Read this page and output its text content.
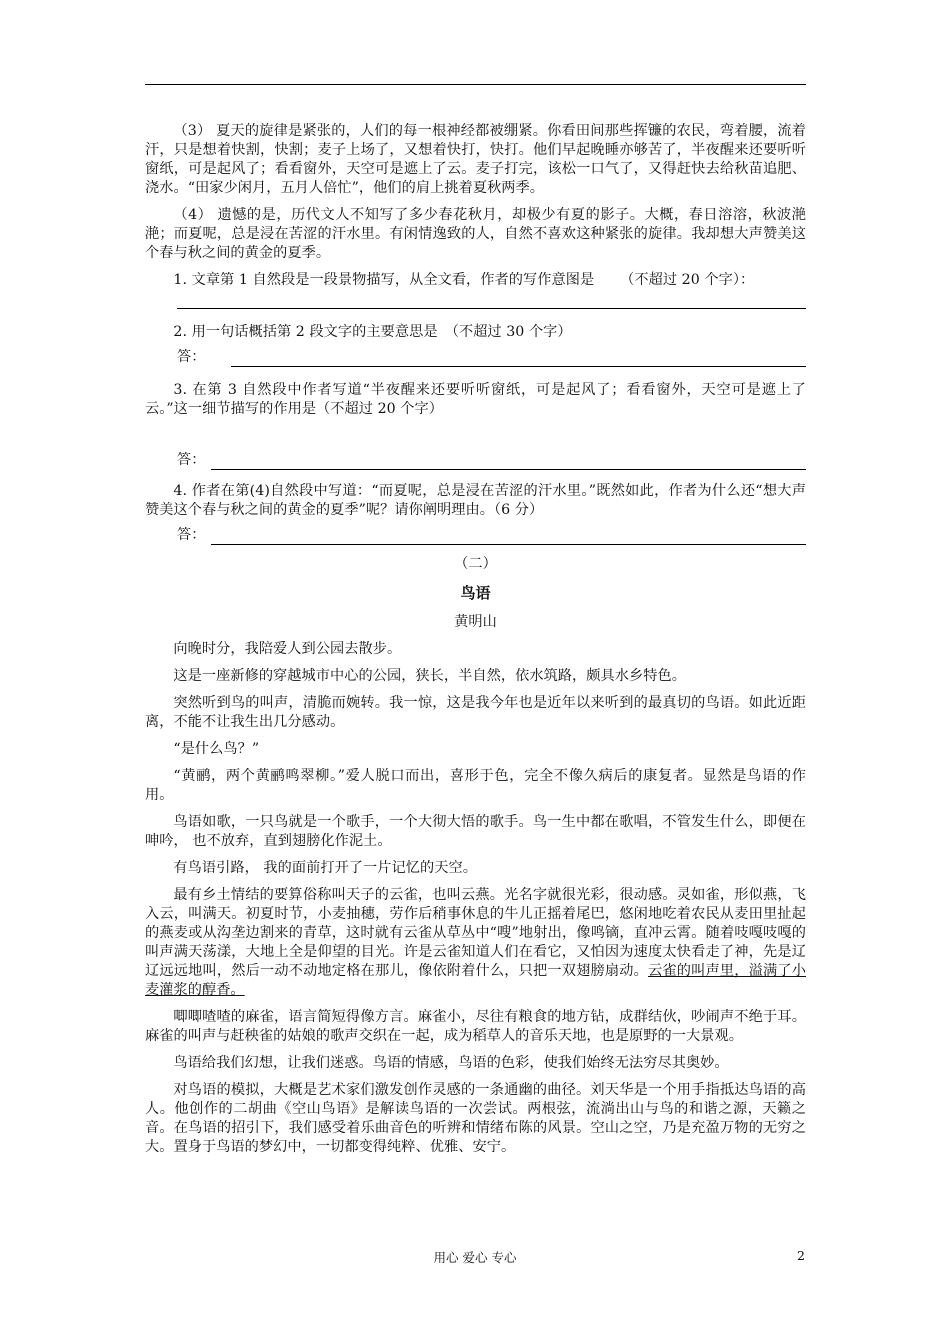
（3） 夏天的旋律是紧张的，人们的每一根神经都被绷紧。你看田间那些挥镰的农民，弯着腰，流着汗，只是想着快割，快割；麦子上场了，又想着快打，快打。他们早起晚睡亦够苦了，半夜醒来还要听听窗纸，可是起风了；看看窗外，天空可是遮上了云。麦子打完，该松一口气了，又得赶快去给秋苗追肥、浇水。“田家少闲月，五月人倍忙”，他们的肩上挑着夏秋两季。

（4） 遗憾的是，历代文人不知写了多少春花秋月，却极少有夏的影子。大概，春日溶溶，秋波滟滟；而夏呢，总是浸在苦涩的汗水里。有闲情逸致的人，自然不喜欢这种紧张的旋律。我却想大声赞美这个春与秋之间的黄金的夏季。

1. 文章第 1 自然段是一段景物描写，从全文看，作者的写作意图是 　　（不超过 20 个字）：

2. 用一句话概括第 2 段文字的主要意思是　（不超过 30 个字）

答：

3. 在第 3 自然段中作者写道“半夜醒来还要听听窗纸，可是起风了；看看窗外，天空可是遮上了云。”这一细节描写的作用是（不超过 20 个字）

答：

4. 作者在第(4)自然段中写道：“而夏呢，总是浸在苦涩的汗水里。”既然如此，作者为什么还“想大声赞美这个春与秋之间的黄金的夏季”呢？请你阐明理由。（6 分）

答：

（二）

鸟语

黄明山

向晚时分，我陪爱人到公园去散步。

这是一座新修的穿越城市中心的公园，狭长，半自然，依水筑路，颇具水乡特色。

突然听到鸟的叫声，清脆而婉转。我一惊，这是我今年也是近年以来听到的最真切的鸟语。如此近距离，不能不让我生出几分感动。

“是什么鸟？”

“黄鹂，两个黄鹂鸣翠柳。”爱人脱口而出，喜形于色，完全不像久病后的康复者。显然是鸟语的作用。

鸟语如歌，一只鸟就是一个歌手，一个大彻大悟的歌手。鸟一生中都在歌唱，不管发生什么，即便在呻吟， 也不放弃，直到翅膀化作泥土。

有鸟语引路， 我的面前打开了一片记忆的天空。

最有乡土情结的要算俗称叫天子的云雀，也叫云燕。光名字就很光彩，很动感。灵如雀，形似燕，飞入云，叫满天。初夏时节，小麦抽穗，劳作后稍事休息的牛儿正摇着尾巴，悠闲地吃着农民从麦田里扯起的燕麦或从沟垄边割来的青草，这时就有云雀从草丛中“嗖”地射出，像鸣镝，直冲云霄。随着吱嘎吱嘎的叫声满天荡漾，大地上全是仰望的目光。许是云雀知道人们在看它，又怕因为速度太快看走了神，先是辽辽远远地叫，然后一动不动地定格在那儿，像依附着什么，只把一双翅膀扇动。云雀的叫声里，溢满了小麦灌浆的醇香。

唧唧喳喳的麻雀，语言简短得像方言。麻雀小，尽往有粮食的地方钻，成群结伙，吵闹声不绝于耳。麻雀的叫声与赶秧雀的姑娘的歌声交织在一起，成为稻草人的音乐天地，也是原野的一大景观。

鸟语给我们幻想，让我们迷惑。鸟语的情感，鸟语的色彩，使我们始终无法穷尽其奥妙。

对鸟语的模拟，大概是艺术家们激发创作灵感的一条通幽的曲径。刘天华是一个用手指抵达鸟语的高人。他创作的二胡曲《空山鸟语》是解读鸟语的一次尝试。两根弦，流淌出山与鸟的和谐之源，天籁之音。在鸟语的招引下，我们感受着乐曲音色的听辨和情绪布陈的风景。空山之空，乃是充盈万物的无穷之大。置身于鸟语的梦幻中，一切都变得纯粹、优雅、安宁。

用心 爱心 专心	2
